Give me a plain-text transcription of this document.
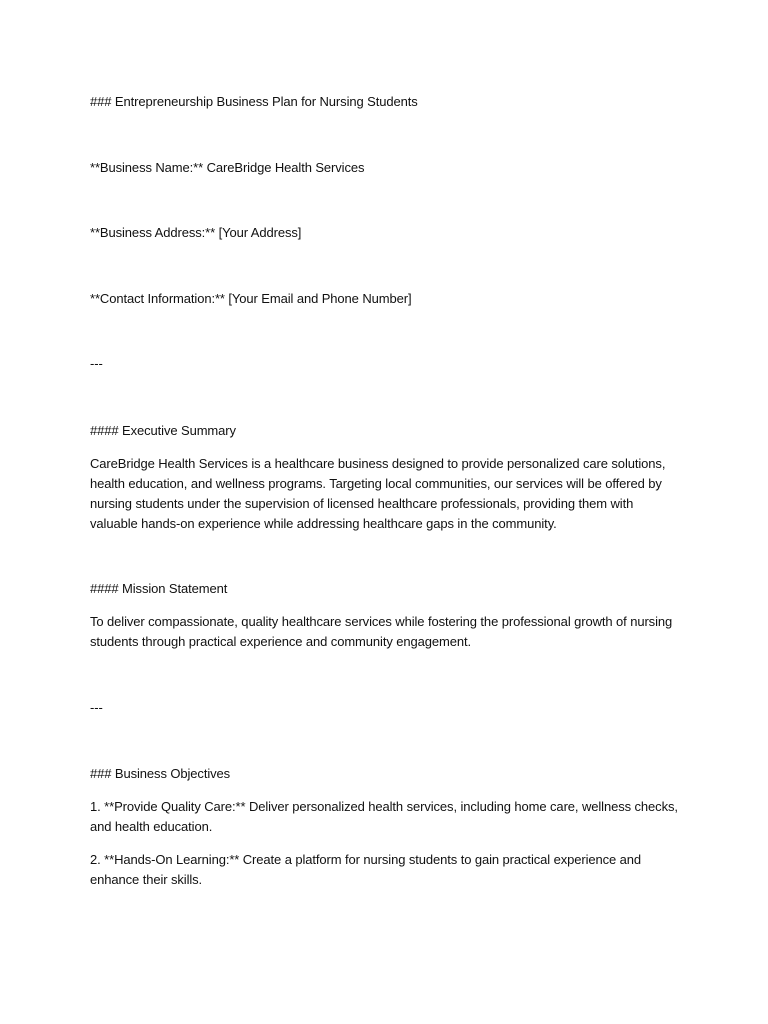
### Entrepreneurship Business Plan for Nursing Students
**Business Name:** CareBridge Health Services
**Business Address:** [Your Address]
**Contact Information:** [Your Email and Phone Number]
---
#### Executive Summary
CareBridge Health Services is a healthcare business designed to provide personalized care solutions,
health education, and wellness programs. Targeting local communities, our services will be offered by
nursing students under the supervision of licensed healthcare professionals, providing them with
valuable hands-on experience while addressing healthcare gaps in the community.
#### Mission Statement
To deliver compassionate, quality healthcare services while fostering the professional growth of nursing
students through practical experience and community engagement.
---
### Business Objectives
1. **Provide Quality Care:** Deliver personalized health services, including home care, wellness checks,
and health education.
2. **Hands-On Learning:** Create a platform for nursing students to gain practical experience and
enhance their skills.
